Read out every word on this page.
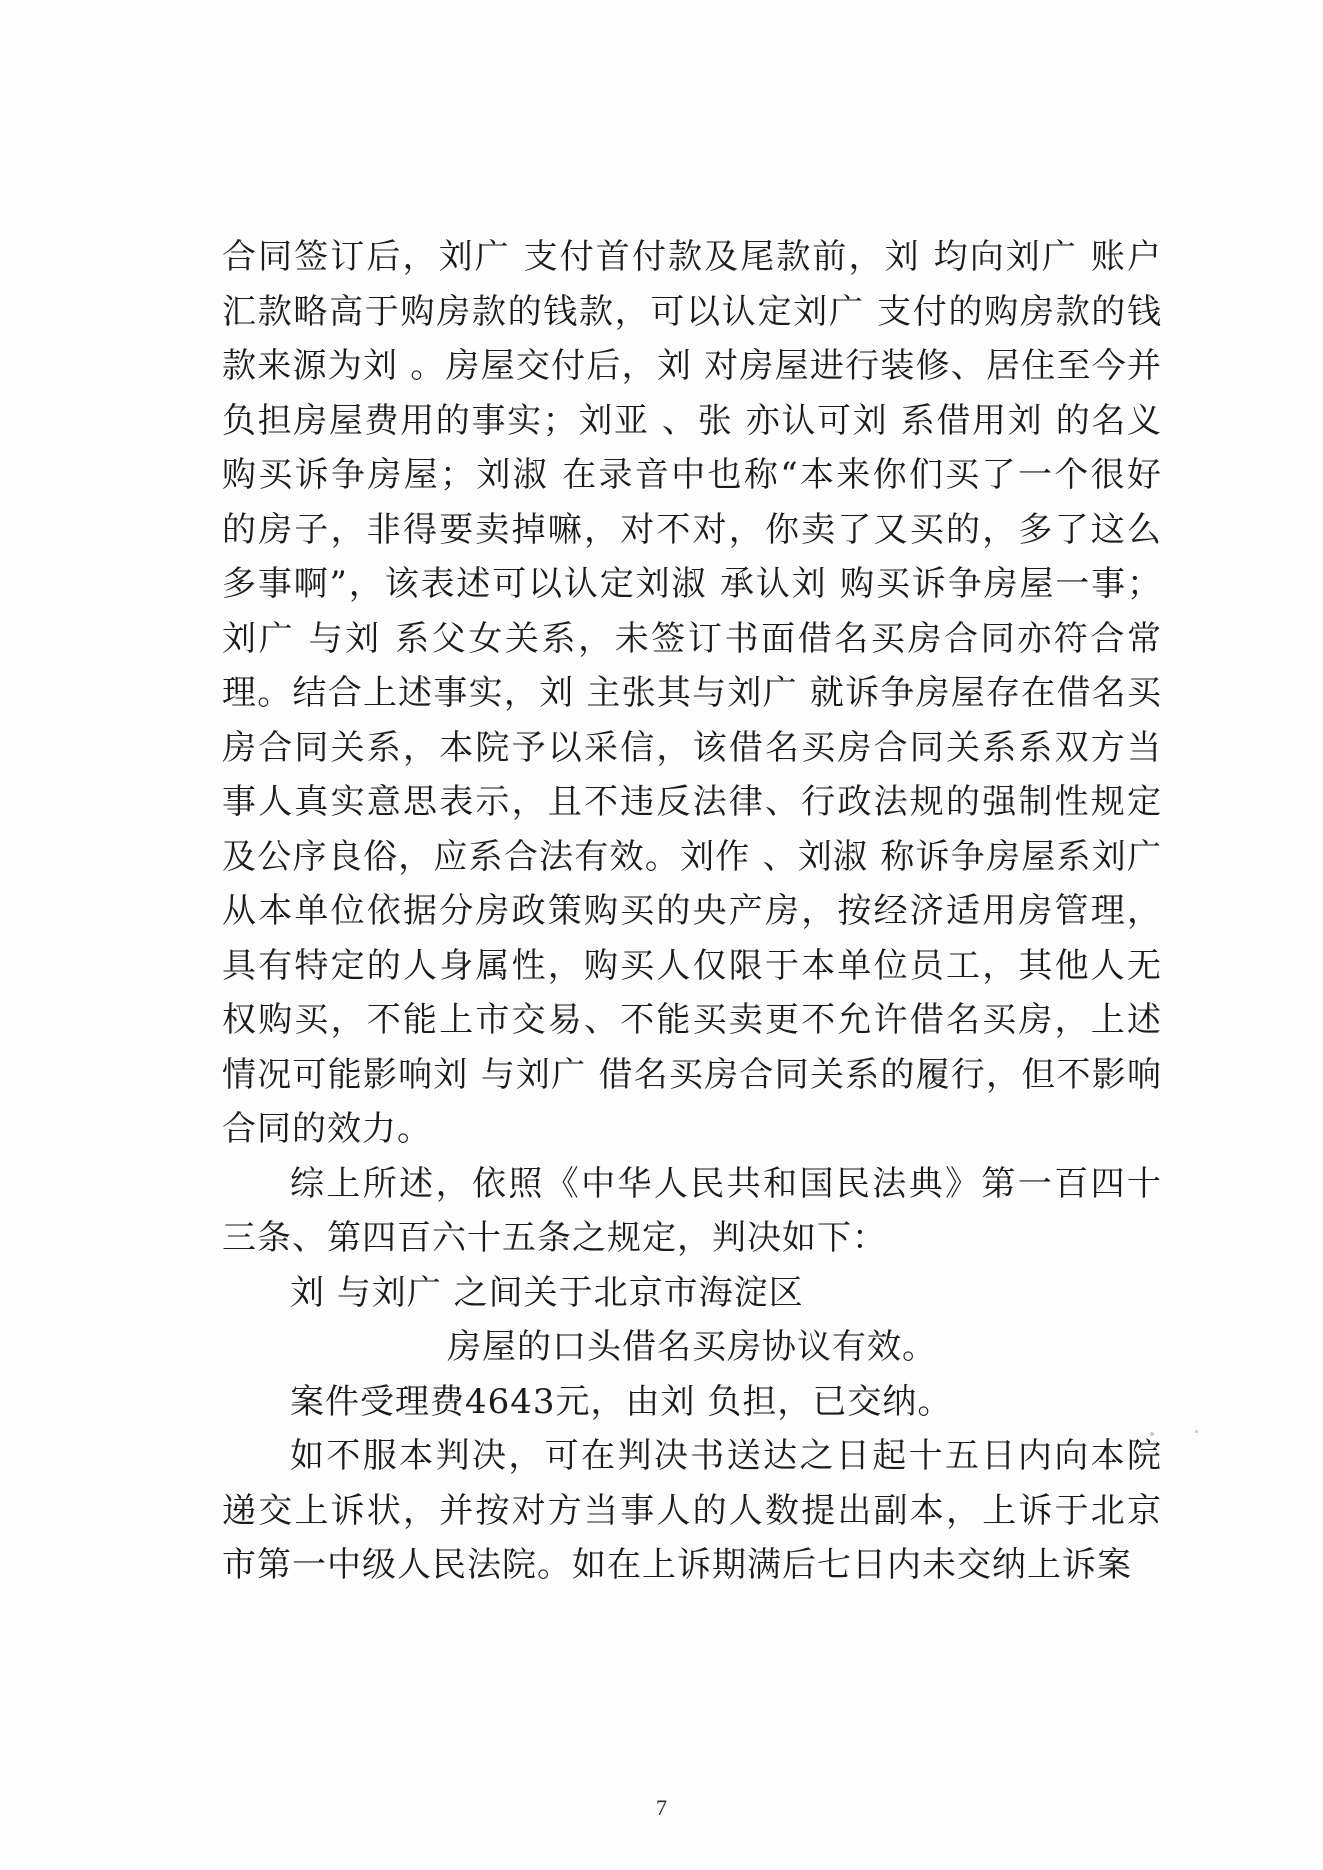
合同签订后，刘广 支付首付款及尾款前，刘 均向刘广 账户汇款略高于购房款的钱款，可以认定刘广 支付的购房款的钱款来源为刘 。房屋交付后，刘 对房屋进行装修、居住至今并负担房屋费用的事实；刘亚 、张 亦认可刘 系借用刘 的名义购买诉争房屋；刘淑 在录音中也称“本来你们买了一个很好的房子，非得要卖掉嘛，对不对，你卖了又买的，多了这么多事啊”，该表述可以认定刘淑 承认刘 购买诉争房屋一事；刘广 与刘 系父女关系，未签订书面借名买房合同亦符合常理。结合上述事实，刘 主张其与刘广 就诉争房屋存在借名买房合同关系，本院予以采信，该借名买房合同关系系双方当事人真实意思表示，且不违反法律、行政法规的强制性规定及公序良俗，应系合法有效。刘作 、刘淑 称诉争房屋系刘广 从本单位依据分房政策购买的央产房，按经济适用房管理，具有特定的人身属性，购买人仅限于本单位员工，其他人无权购买，不能上市交易、不能买卖更不允许借名买房，上述情况可能影响刘 与刘广 借名买房合同关系的履行，但不影响合同的效力。

综上所述，依照《中华人民共和国民法典》第一百四十三条、第四百六十五条之规定，判决如下：

刘 与刘广 之间关于北京市海淀区

房屋的口头借名买房协议有效。

案件受理费4643元，由刘 负担，已交纳。

如不服本判决，可在判决书送达之日起十五日内向本院递交上诉状，并按对方当事人的人数提出副本，上诉于北京市第一中级人民法院。如在上诉期满后七日内未交纳上诉案

7
